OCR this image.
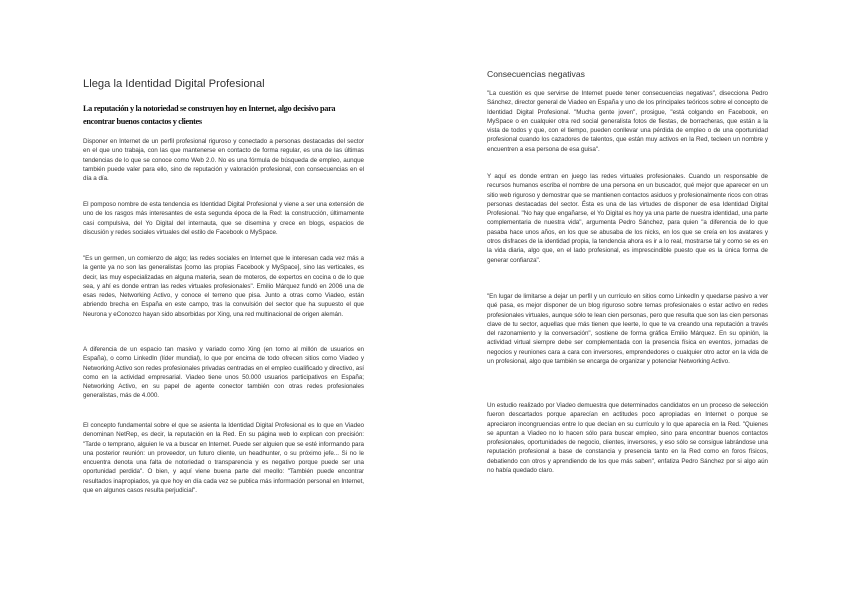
Llega la Identidad Digital Profesional
La reputación y la notoriedad se construyen hoy en Internet, algo decisivo para encontrar buenos contactos y clientes

Disponer en Internet de un perfil profesional riguroso y conectado a personas destacadas del sector en el que uno trabaja, con las que mantenerse en contacto de forma regular, es una de las últimas tendencias de lo que se conoce como Web 2.0. No es una fórmula de búsqueda de empleo, aunque también puede valer para ello, sino de reputación y valoración profesional, con consecuencias en el día a día.

El pomposo nombre de esta tendencia es Identidad Digital Profesional y viene a ser una extensión de uno de los rasgos más interesantes de esta segunda época de la Red: la construcción, últimamente casi compulsiva, del Yo Digital del internauta, que se disemina y crece en blogs, espacios de discusión y redes sociales virtuales del estilo de Facebook o MySpace.

"Es un germen, un comienzo de algo; las redes sociales en Internet que le interesan cada vez más a la gente ya no son las generalistas [como las propias Facebook y MySpace], sino las verticales, es decir, las muy especializadas en alguna materia, sean de moteros, de expertos en cocina o de lo que sea, y ahí es donde entran las redes virtuales profesionales". Emilio Márquez fundó en 2006 una de esas redes, Networking Activo, y conoce el terreno que pisa. Junto a otras como Viadeo, están abriendo brecha en España en este campo, tras la convulsión del sector que ha supuesto el que Neurona y eConozco hayan sido absorbidas por Xing, una red multinacional de origen alemán.

A diferencia de un espacio tan masivo y variado como Xing (en torno al millón de usuarios en España), o como LinkedIn (líder mundial), lo que por encima de todo ofrecen sitios como Viadeo y Networking Activo son redes profesionales privadas centradas en el empleo cualificado y directivo, así como en la actividad empresarial. Viadeo tiene unos 50.000 usuarios participativos en España; Networking Activo, en su papel de agente conector también con otras redes profesionales generalistas, más de 4.000.

El concepto fundamental sobre el que se asienta la Identidad Digital Profesional es lo que en Viadeo denominan NetRep, es decir, la reputación en la Red. En su página web lo explican con precisión: "Tarde o temprano, alguien le va a buscar en Internet. Puede ser alguien que se esté informando para una posterior reunión: un proveedor, un futuro cliente, un headhunter, o su próximo jefe... Si no le encuentra denota una falta de notoriedad o transparencia y es negativo porque puede ser una oportunidad perdida". O bien, y aquí viene buena parte del meollo: "También puede encontrar resultados inapropiados, ya que hoy en día cada vez se publica más información personal en Internet, que en algunos casos resulta perjudicial".

Consecuencias negativas

"La cuestión es que servirse de Internet puede tener consecuencias negativas", disecciona Pedro Sánchez, director general de Viadeo en España y uno de los principales teóricos sobre el concepto de Identidad Digital Profesional. "Mucha gente joven", prosigue, "está colgando en Facebook, en MySpace o en cualquier otra red social generalista fotos de fiestas, de borracheras, que están a la vista de todos y que, con el tiempo, pueden conllevar una pérdida de empleo o de una oportunidad profesional cuando los cazadores de talentos, que están muy activos en la Red, tecleen un nombre y encuentren a esa persona de esa guisa".

Y aquí es donde entran en juego las redes virtuales profesionales. Cuando un responsable de recursos humanos escriba el nombre de una persona en un buscador, qué mejor que aparecer en un sitio web riguroso y demostrar que se mantienen contactos asiduos y profesionalmente ricos con otras personas destacadas del sector. Ésta es una de las virtudes de disponer de esa Identidad Digital Profesional. "No hay que engañarse, el Yo Digital es hoy ya una parte de nuestra identidad, una parte complementaria de nuestra vida", argumenta Pedro Sánchez, para quien "a diferencia de lo que pasaba hace unos años, en los que se abusaba de los nicks, en los que se creía en los avatares y otros disfraces de la identidad propia, la tendencia ahora es ir a lo real, mostrarse tal y como se es en la vida diaria, algo que, en el lado profesional, es imprescindible puesto que es la única forma de generar confianza".

"En lugar de limitarse a dejar un perfil y un currículo en sitios como LinkedIn y quedarse pasivo a ver qué pasa, es mejor disponer de un blog riguroso sobre temas profesionales o estar activo en redes profesionales virtuales, aunque sólo te lean cien personas, pero que resulta que son las cien personas clave de tu sector, aquellas que más tienen que leerte, lo que te va creando una reputación a través del razonamiento y la conversación", sostiene de forma gráfica Emilio Márquez. En su opinión, la actividad virtual siempre debe ser complementada con la presencia física en eventos, jornadas de negocios y reuniones cara a cara con inversores, emprendedores o cualquier otro actor en la vida de un profesional, algo que también se encarga de organizar y potenciar Networking Activo.

Un estudio realizado por Viadeo demuestra que determinados candidatos en un proceso de selección fueron descartados porque aparecían en actitudes poco apropiadas en Internet o porque se apreciaron incongruencias entre lo que decían en su currículo y lo que aparecía en la Red. "Quienes se apuntan a Viadeo no lo hacen sólo para buscar empleo, sino para encontrar buenos contactos profesionales, oportunidades de negocio, clientes, inversores, y eso sólo se consigue labrándose una reputación profesional a base de constancia y presencia tanto en la Red como en foros físicos, debatiendo con otros y aprendiendo de los que más saben", enfatiza Pedro Sánchez por si algo aún no había quedado claro.
